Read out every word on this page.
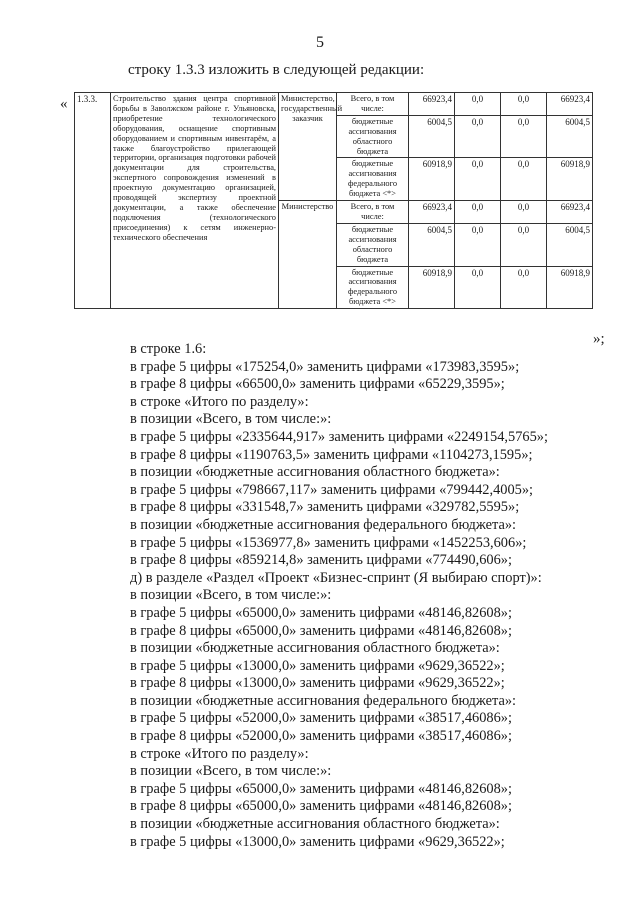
5
строку 1.3.3 изложить в следующей редакции:
« 1.3.3.	Строительство здания центра спортивной борьбы в Заволжском районе г. Ульяновска, приобретение технологического оборудования, оснащение спортивным оборудованием и спортивным инвентарём, а также благоустройство прилегающей территории, организация подготовки рабочей документации для строительства, экспертного сопровождения изменений в проектную документацию организацией, проводящей экспертизу проектной документации, а также обеспечение подключения (технологического присоединения) к сетям инженерно-технического обеспечения	Министерство, государственный заказчик	Всего, в том числе:	66923,4	0,0	0,0	66923,4
			бюджетные ассигнования областного бюджета	6004,5	0,0	0,0	6004,5
			бюджетные ассигнования федерального бюджета <*>	60918,9	0,0	0,0	60918,9
		Министерство	Всего, в том числе:	66923,4	0,0	0,0	66923,4
			бюджетные ассигнования областного бюджета	6004,5	0,0	0,0	6004,5
			бюджетные ассигнования федерального бюджета <*>	60918,9	0,0	0,0	60918,9
»;
в строке 1.6:
в графе 5 цифры «175254,0» заменить цифрами «173983,3595»;
в графе 8 цифры «66500,0» заменить цифрами «65229,3595»;
в строке «Итого по разделу»:
в позиции «Всего, в том числе:»:
в графе 5 цифры «2335644,917» заменить цифрами «2249154,5765»;
в графе 8 цифры «1190763,5» заменить цифрами «1104273,1595»;
в позиции «бюджетные ассигнования областного бюджета»:
в графе 5 цифры «798667,117» заменить цифрами «799442,4005»;
в графе 8 цифры «331548,7» заменить цифрами «329782,5595»;
в позиции «бюджетные ассигнования федерального бюджета»:
в графе 5 цифры «1536977,8» заменить цифрами «1452253,606»;
в графе 8 цифры «859214,8» заменить цифрами «774490,606»;
д) в разделе «Раздел «Проект «Бизнес-спринт (Я выбираю спорт)»:
в позиции «Всего, в том числе:»:
в графе 5 цифры «65000,0» заменить цифрами «48146,82608»;
в графе 8 цифры «65000,0» заменить цифрами «48146,82608»;
в позиции «бюджетные ассигнования областного бюджета»:
в графе 5 цифры «13000,0» заменить цифрами «9629,36522»;
в графе 8 цифры «13000,0» заменить цифрами «9629,36522»;
в позиции «бюджетные ассигнования федерального бюджета»:
в графе 5 цифры «52000,0» заменить цифрами «38517,46086»;
в графе 8 цифры «52000,0» заменить цифрами «38517,46086»;
в строке «Итого по разделу»:
в позиции «Всего, в том числе:»:
в графе 5 цифры «65000,0» заменить цифрами «48146,82608»;
в графе 8 цифры «65000,0» заменить цифрами «48146,82608»;
в позиции «бюджетные ассигнования областного бюджета»:
в графе 5 цифры «13000,0» заменить цифрами «9629,36522»;
